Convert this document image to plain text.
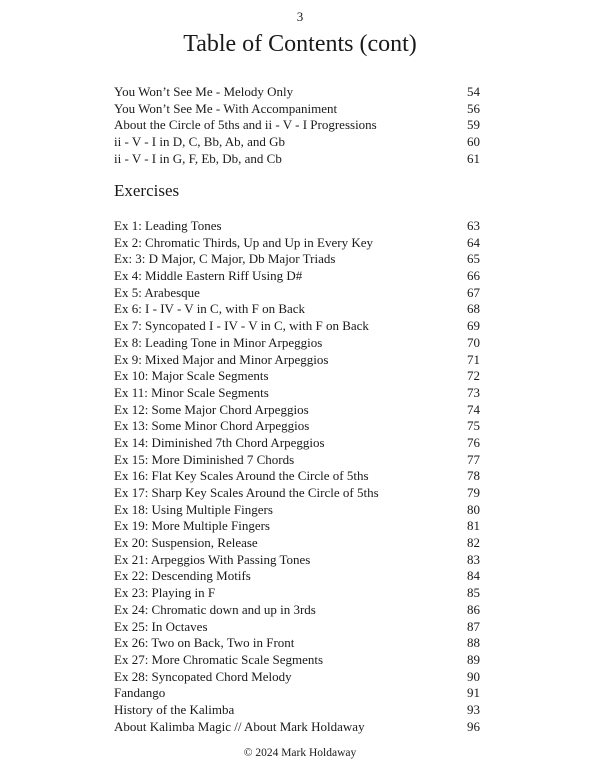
3
Table of Contents (cont)
You Won’t See Me - Melody Only	54
You Won’t See Me - With Accompaniment	56
About the Circle of 5ths and ii - V - I Progressions	59
ii - V - I in D, C, Bb, Ab, and Gb	60
ii - V - I in G, F, Eb, Db, and Cb	61
Exercises
Ex 1: Leading Tones	63
Ex 2: Chromatic Thirds, Up and Up in Every Key	64
Ex: 3: D Major, C Major, Db Major Triads	65
Ex 4: Middle Eastern Riff Using D#	66
Ex 5: Arabesque	67
Ex 6: I - IV - V in C, with F on Back	68
Ex 7: Syncopated I - IV - V in C, with F on Back	69
Ex 8: Leading Tone in Minor Arpeggios	70
Ex 9: Mixed Major and Minor Arpeggios	71
Ex 10: Major Scale Segments	72
Ex 11: Minor Scale Segments	73
Ex 12: Some Major Chord Arpeggios	74
Ex 13: Some Minor Chord Arpeggios	75
Ex 14: Diminished 7th Chord Arpeggios	76
Ex 15: More Diminished 7 Chords	77
Ex 16: Flat Key Scales Around the Circle of 5ths	78
Ex 17: Sharp Key Scales Around the Circle of 5ths	79
Ex 18: Using Multiple Fingers	80
Ex 19: More Multiple Fingers	81
Ex 20: Suspension, Release	82
Ex 21: Arpeggios With Passing Tones	83
Ex 22: Descending Motifs	84
Ex 23: Playing in F	85
Ex 24: Chromatic down and up in 3rds	86
Ex 25: In Octaves	87
Ex 26: Two on Back, Two in Front	88
Ex 27: More Chromatic Scale Segments	89
Ex 28: Syncopated Chord Melody	90
Fandango	91
History of the Kalimba	93
About Kalimba Magic // About Mark Holdaway	96
© 2024 Mark Holdaway
